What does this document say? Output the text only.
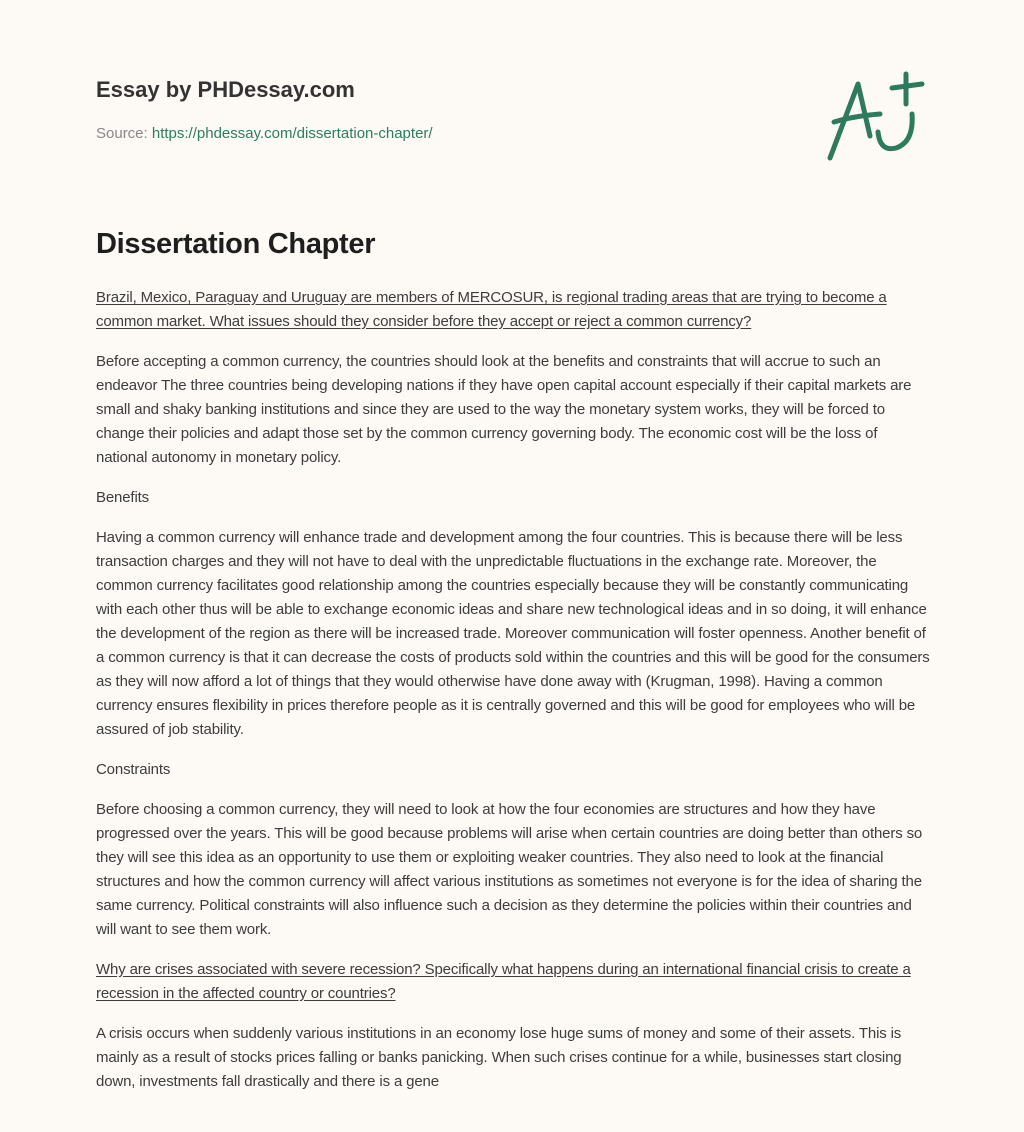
Essay by PHDessay.com
Source: https://phdessay.com/dissertation-chapter/
Dissertation Chapter

Brazil, Mexico, Paraguay and Uruguay are members of MERCOSUR, is regional trading areas that are trying to become a common market. What issues should they consider before they accept or reject a common currency?

Before accepting a common currency, the countries should look at the benefits and constraints that will accrue to such an endeavor The three countries being developing nations if they have open capital account especially if their capital markets are small and shaky banking institutions and since they are used to the way the monetary system works, they will be forced to change their policies and adapt those set by the common currency governing body. The economic cost will be the loss of national autonomy in monetary policy.

Benefits

Having a common currency will enhance trade and development among the four countries. This is because there will be less transaction charges and they will not have to deal with the unpredictable fluctuations in the exchange rate. Moreover, the common currency facilitates good relationship among the countries especially because they will be constantly communicating with each other thus will be able to exchange economic ideas and share new technological ideas and in so doing, it will enhance the development of the region as there will be increased trade. Moreover communication will foster openness. Another benefit of a common currency is that it can decrease the costs of products sold within the countries and this will be good for the consumers as they will now afford a lot of things that they would otherwise have done away with (Krugman, 1998). Having a common currency ensures flexibility in prices therefore people as it is centrally governed and this will be good for employees who will be assured of job stability.

Constraints

Before choosing a common currency, they will need to look at how the four economies are structures and how they have progressed over the years. This will be good because problems will arise when certain countries are doing better than others so they will see this idea as an opportunity to use them or exploiting weaker countries. They also need to look at the financial structures and how the common currency will affect various institutions as sometimes not everyone is for the idea of sharing the same currency. Political constraints will also influence such a decision as they determine the policies within their countries and will want to see them work.

Why are crises associated with severe recession? Specifically what happens during an international financial crisis to create a recession in the affected country or countries?

A crisis occurs when suddenly various institutions in an economy lose huge sums of money and some of their assets. This is mainly as a result of stocks prices falling or banks panicking. When such crises continue for a while, businesses start closing down, investments fall drastically and there is a gene
